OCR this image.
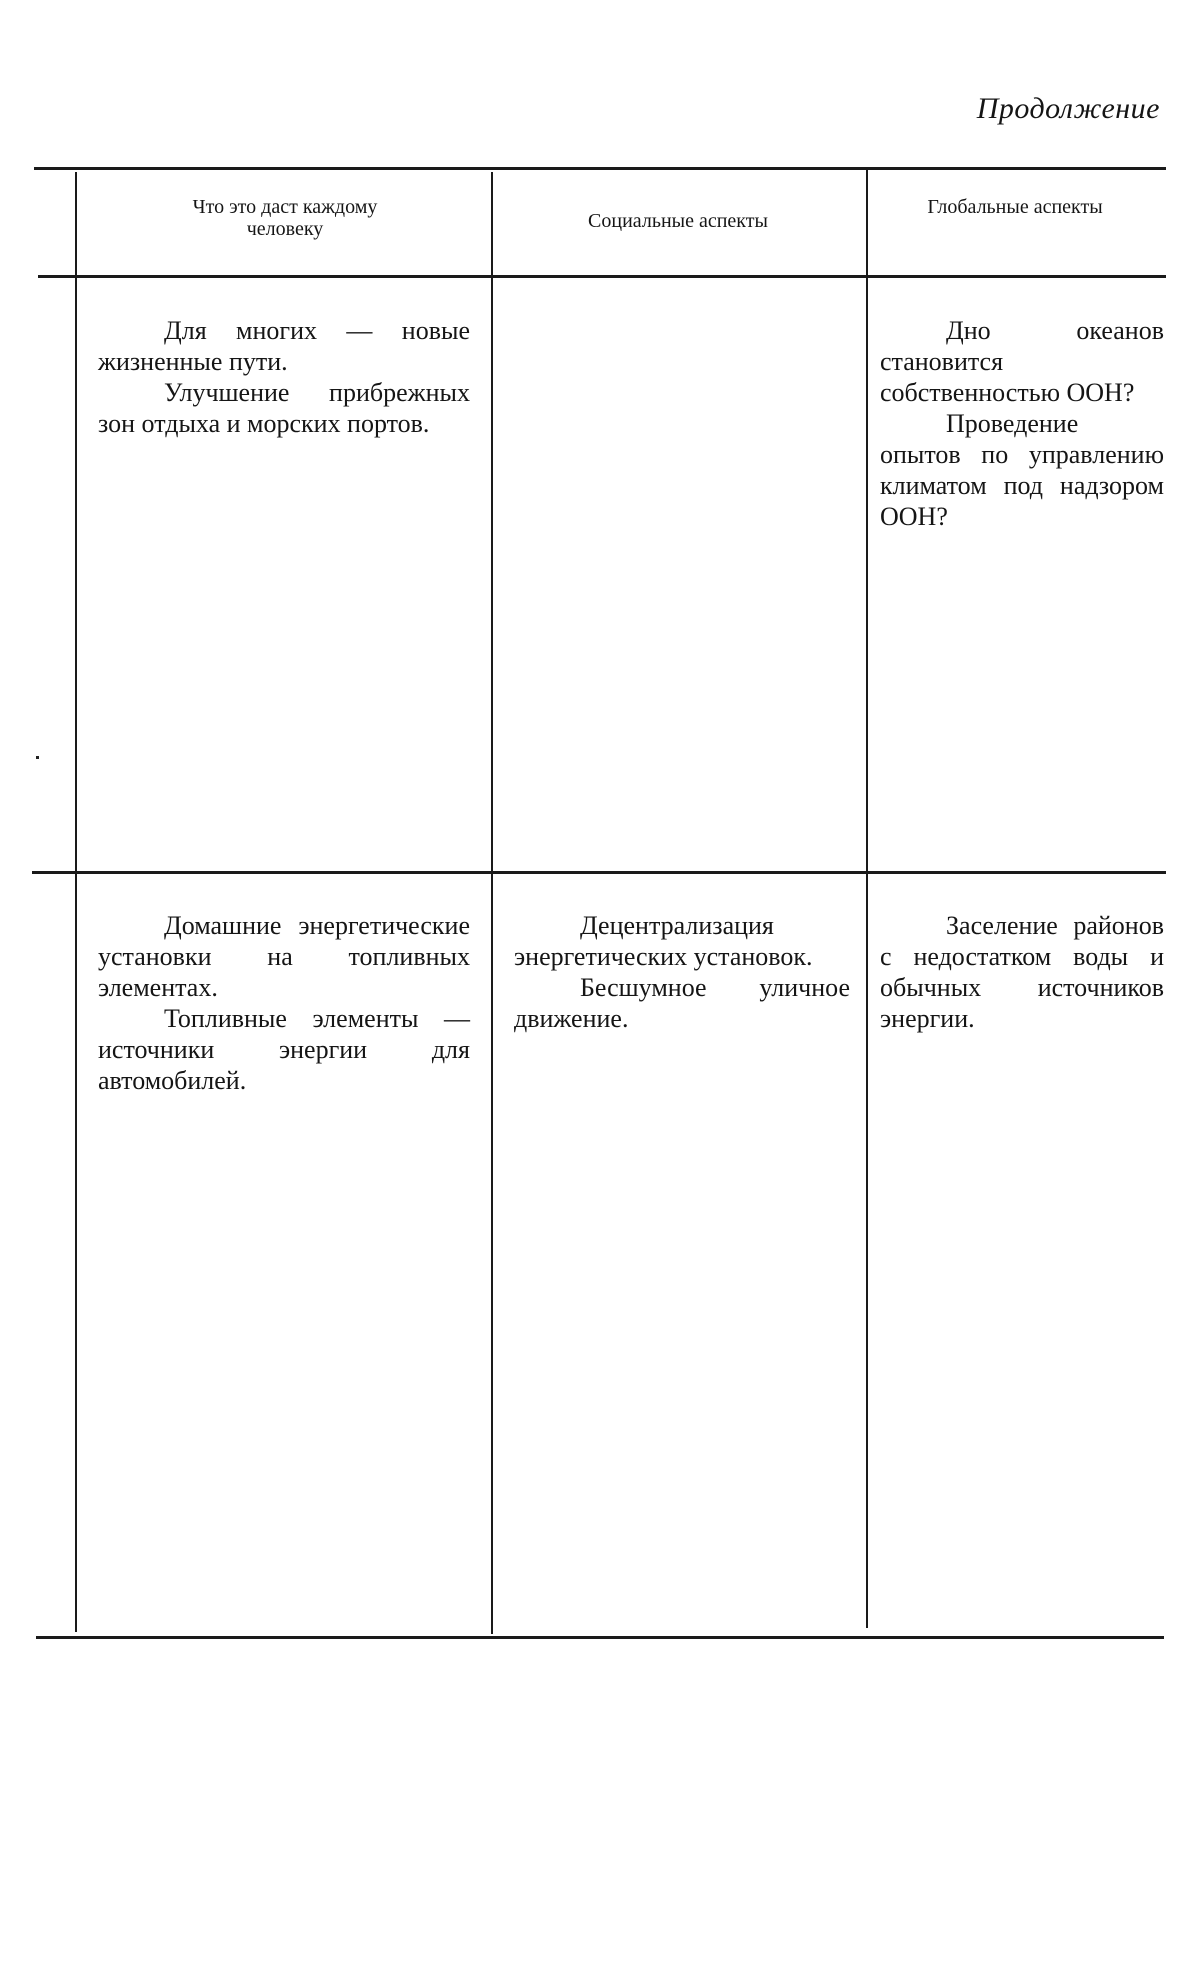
Продолжение
Что это даст каждому человеку	Социальные аспекты
Глобальные аспекты

Для многих — новые жизненные пути.

Улучшение прибрежных зон отдыха и морских портов.

Дно океанов становится собственностью ООН?

Проведение опытов по управлению климатом под надзором ООН?

Домашние энергетические установки на топливных элементах.

Топливные элементы — источники энергии для автомобилей.

Децентрализация энергетических установок.

Бесшумное уличное движение.

Заселение районов с недостатком воды и обычных источников энергии.
